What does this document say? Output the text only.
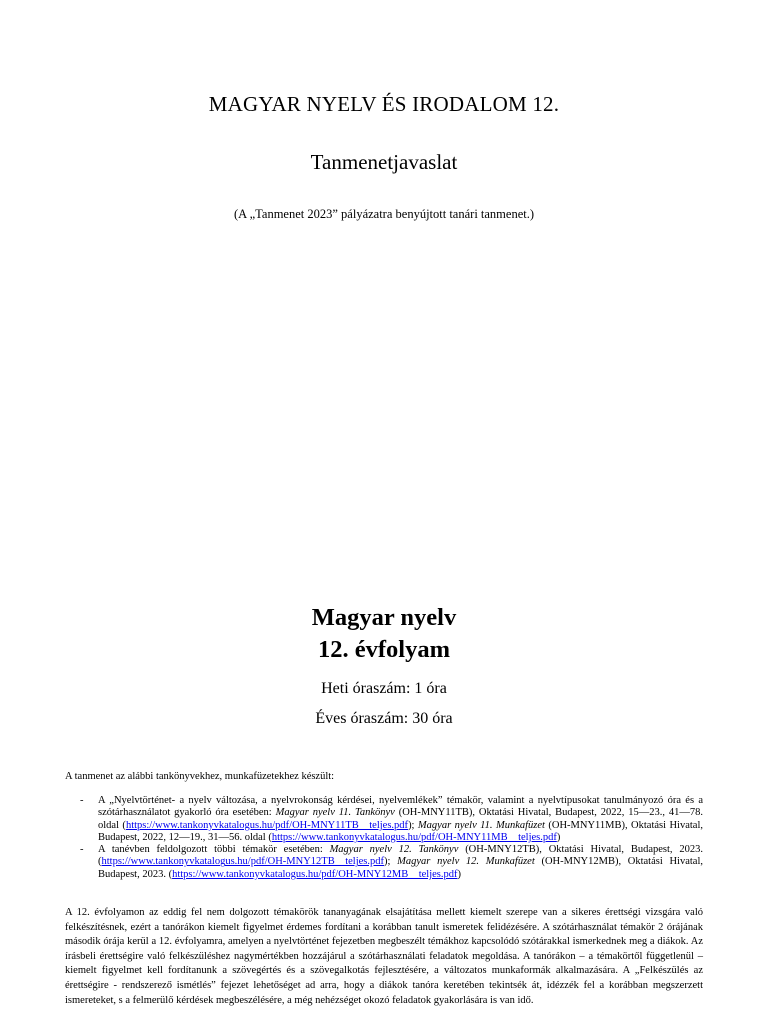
MAGYAR NYELV ÉS IRODALOM 12.
Tanmenetjavaslat
(A „Tanmenet 2023” pályázatra benyújtott tanári tanmenet.)
Magyar nyelv
12. évfolyam
Heti óraszám: 1 óra
Éves óraszám: 30 óra
A tanmenet az alábbi tankönyvekhez, munkafüzetekhez készült:
- A „Nyelvtörténet- a nyelv változása, a nyelvrokonság kérdései, nyelvemlékek” témakör, valamint a nyelvtípusokat tanulmányozó óra és a szótárhasználatot gyakorló óra esetében: Magyar nyelv 11. Tankönyv (OH-MNY11TB), Oktatási Hivatal, Budapest, 2022, 15—23., 41—78. oldal (https://www.tankonyvkatalogus.hu/pdf/OH-MNY11TB__teljes.pdf); Magyar nyelv 11. Munkafüzet (OH-MNY11MB), Oktatási Hivatal, Budapest, 2022, 12—19., 31—56. oldal (https://www.tankonyvkatalogus.hu/pdf/OH-MNY11MB__teljes.pdf)
- A tanévben feldolgozott többi témakör esetében: Magyar nyelv 12. Tankönyv (OH-MNY12TB), Oktatási Hivatal, Budapest, 2023. (https://www.tankonyvkatalogus.hu/pdf/OH-MNY12TB__teljes.pdf); Magyar nyelv 12. Munkafüzet (OH-MNY12MB), Oktatási Hivatal, Budapest, 2023. (https://www.tankonyvkatalogus.hu/pdf/OH-MNY12MB__teljes.pdf)
A 12. évfolyamon az eddig fel nem dolgozott témakörök tananyagának elsajátítása mellett kiemelt szerepe van a sikeres érettségi vizsgára való felkészítésnek, ezért a tanórákon kiemelt figyelmet érdemes fordítani a korábban tanult ismeretek felidézésére. A szótárhasználat témakör 2 órájának második órája kerül a 12. évfolyamra, amelyen a nyelvtörténet fejezetben megbeszélt témákhoz kapcsolódó szótárakkal ismerkednek meg a diákok. Az írásbeli érettségire való felkészüléshez nagymértékben hozzájárul a szótárhasználati feladatok megoldása. A tanórákon – a témakörtől függetlenül – kiemelt figyelmet kell fordítanunk a szövegértés és a szövegalkotás fejlesztésére, a változatos munkaformák alkalmazására. A „Felkészülés az érettségire - rendszerező ismétlés” fejezet lehetőséget ad arra, hogy a diákok tanóra keretében tekintsék át, idézzék fel a korábban megszerzett ismereteket, s a felmerülő kérdések megbeszélésére, a még nehézséget okozó feladatok gyakorlására is van idő.
